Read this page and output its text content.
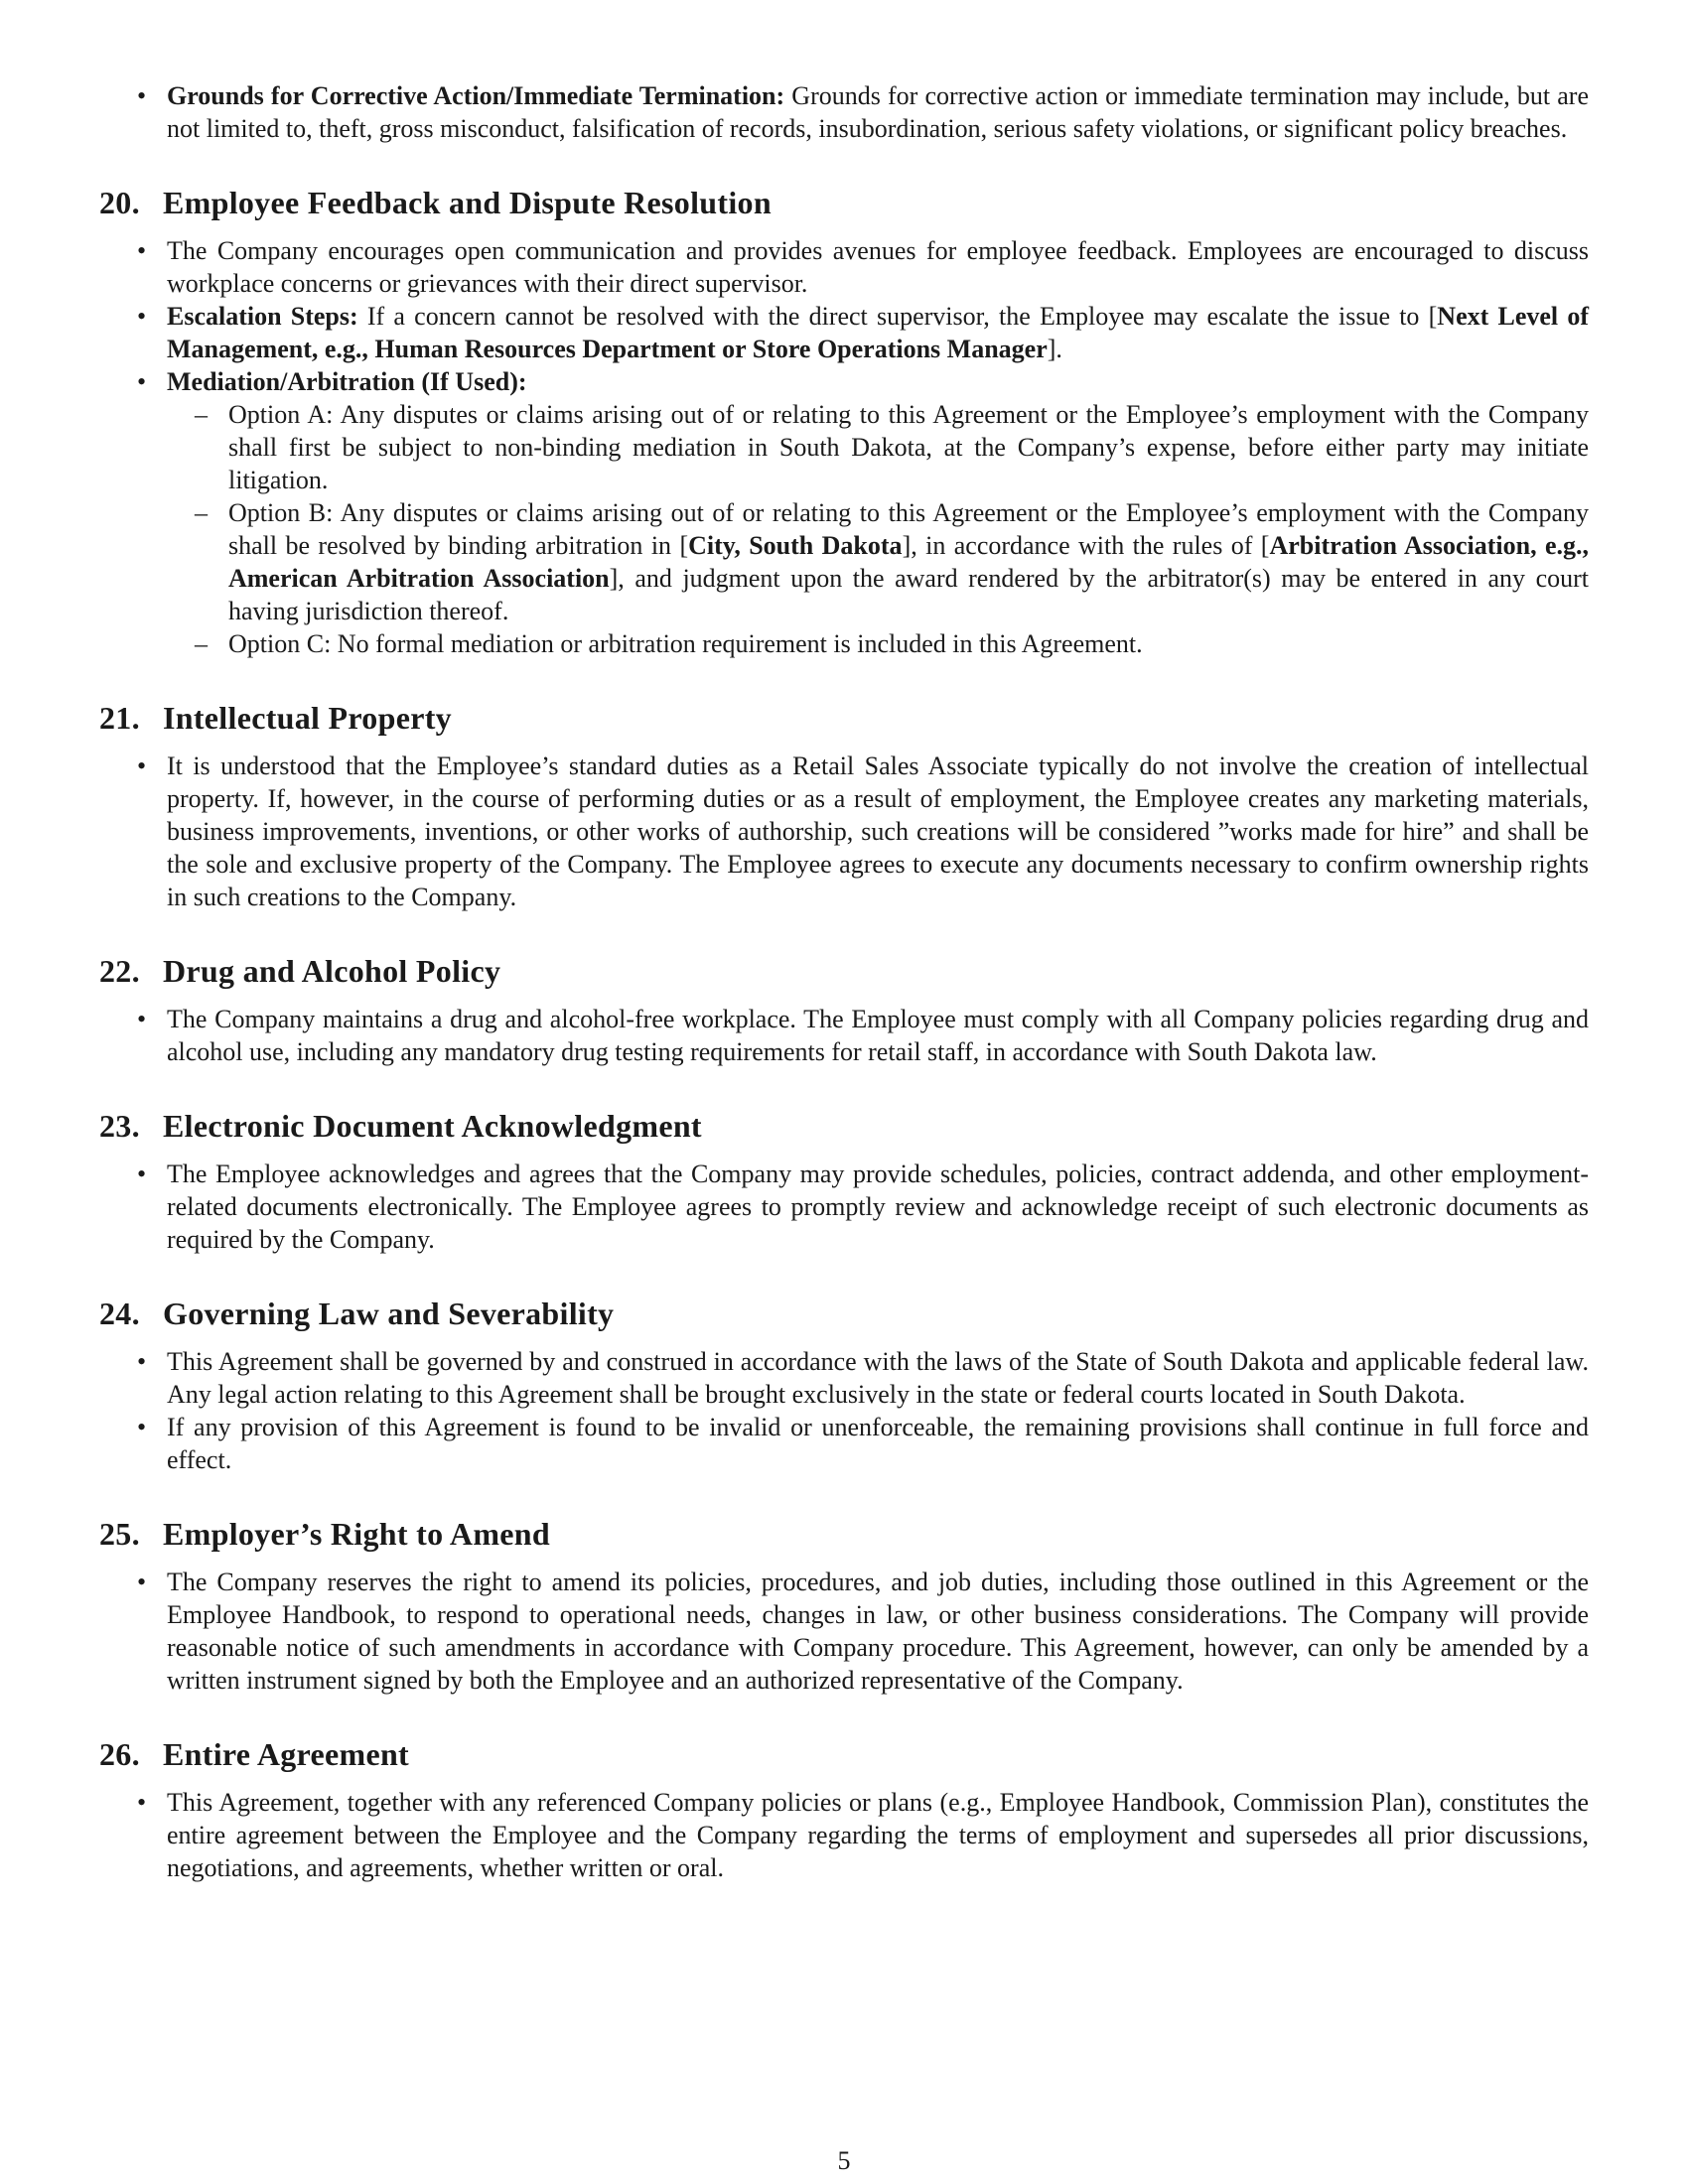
• Grounds for Corrective Action/Immediate Termination: Grounds for corrective action or immediate termination may include, but are not limited to, theft, gross misconduct, falsification of records, insubordination, serious safety violations, or significant policy breaches.
20. Employee Feedback and Dispute Resolution
• The Company encourages open communication and provides avenues for employee feedback. Employees are encouraged to discuss workplace concerns or grievances with their direct supervisor.
• Escalation Steps: If a concern cannot be resolved with the direct supervisor, the Employee may escalate the issue to [Next Level of Management, e.g., Human Resources Department or Store Operations Manager].
• Mediation/Arbitration (If Used):
– Option A: Any disputes or claims arising out of or relating to this Agreement or the Employee’s employment with the Company shall first be subject to non-binding mediation in South Dakota, at the Company’s expense, before either party may initiate litigation.
– Option B: Any disputes or claims arising out of or relating to this Agreement or the Employee’s employment with the Company shall be resolved by binding arbitration in [City, South Dakota], in accordance with the rules of [Arbitration Association, e.g., American Arbitration Association], and judgment upon the award rendered by the arbitrator(s) may be entered in any court having jurisdiction thereof.
– Option C: No formal mediation or arbitration requirement is included in this Agreement.
21. Intellectual Property
• It is understood that the Employee’s standard duties as a Retail Sales Associate typically do not involve the creation of intellectual property. If, however, in the course of performing duties or as a result of employment, the Employee creates any marketing materials, business improvements, inventions, or other works of authorship, such creations will be considered ”works made for hire” and shall be the sole and exclusive property of the Company. The Employee agrees to execute any documents necessary to confirm ownership rights in such creations to the Company.
22. Drug and Alcohol Policy
• The Company maintains a drug and alcohol-free workplace. The Employee must comply with all Company policies regarding drug and alcohol use, including any mandatory drug testing requirements for retail staff, in accordance with South Dakota law.
23. Electronic Document Acknowledgment
• The Employee acknowledges and agrees that the Company may provide schedules, policies, contract addenda, and other employment-related documents electronically. The Employee agrees to promptly review and acknowledge receipt of such electronic documents as required by the Company.
24. Governing Law and Severability
• This Agreement shall be governed by and construed in accordance with the laws of the State of South Dakota and applicable federal law. Any legal action relating to this Agreement shall be brought exclusively in the state or federal courts located in South Dakota.
• If any provision of this Agreement is found to be invalid or unenforceable, the remaining provisions shall continue in full force and effect.
25. Employer’s Right to Amend
• The Company reserves the right to amend its policies, procedures, and job duties, including those outlined in this Agreement or the Employee Handbook, to respond to operational needs, changes in law, or other business considerations. The Company will provide reasonable notice of such amendments in accordance with Company procedure. This Agreement, however, can only be amended by a written instrument signed by both the Employee and an authorized representative of the Company.
26. Entire Agreement
• This Agreement, together with any referenced Company policies or plans (e.g., Employee Handbook, Commission Plan), constitutes the entire agreement between the Employee and the Company regarding the terms of employment and supersedes all prior discussions, negotiations, and agreements, whether written or oral.
5
